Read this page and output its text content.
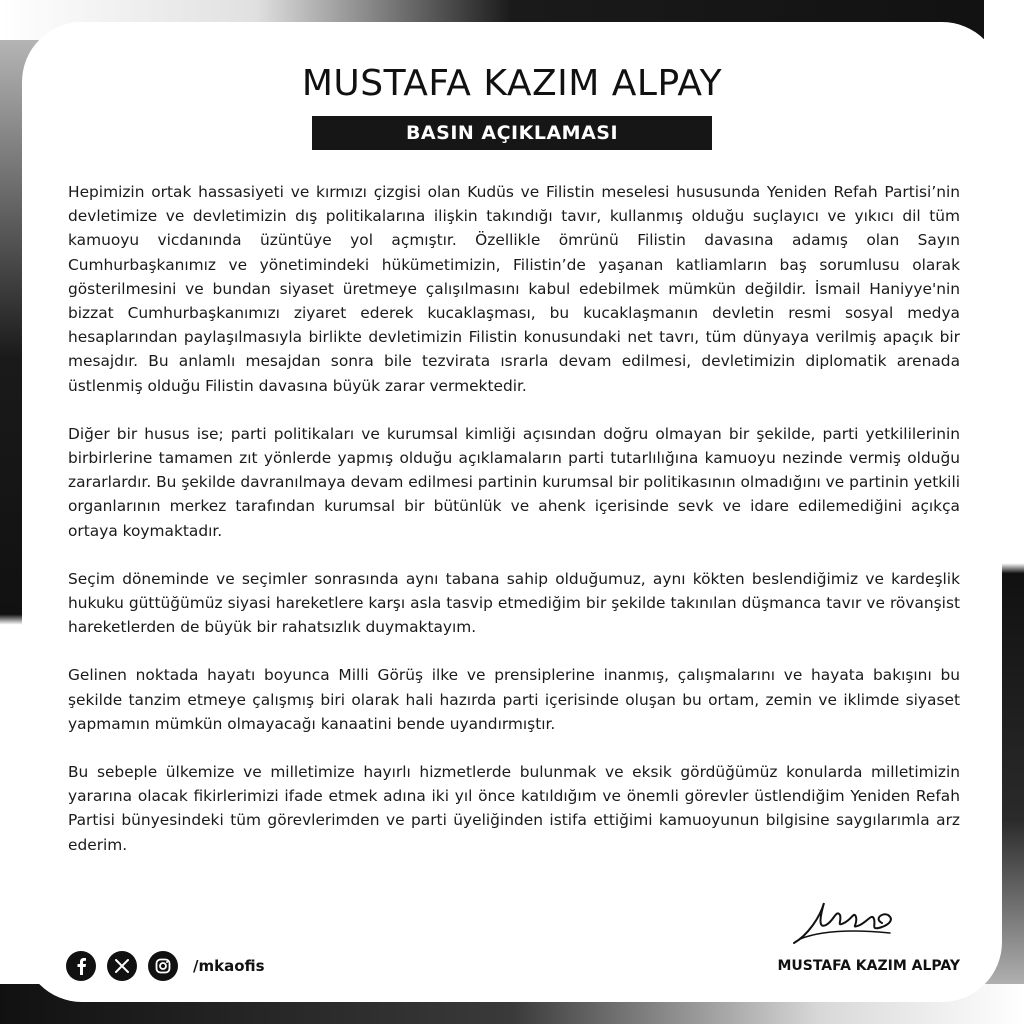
MUSTAFA KAZIM ALPAY
BASIN AÇIKLAMASI

Hepimizin ortak hassasiyeti ve kırmızı çizgisi olan Kudüs ve Filistin meselesi hususunda Yeniden Refah Partisi’nin devletimize ve devletimizin dış politikalarına ilişkin takındığı tavır, kullanmış olduğu suçlayıcı ve yıkıcı dil tüm kamuoyu vicdanında üzüntüye yol açmıştır. Özellikle ömrünü Filistin davasına adamış olan Sayın Cumhurbaşkanımız ve yönetimindeki hükümetimizin, Filistin’de yaşanan katliamların baş sorumlusu olarak gösterilmesini ve bundan siyaset üretmeye çalışılmasını kabul edebilmek mümkün değildir. İsmail Haniyye'nin bizzat Cumhurbaşkanımızı ziyaret ederek kucaklaşması, bu kucaklaşmanın devletin resmi sosyal medya hesaplarından paylaşılmasıyla birlikte devletimizin Filistin konusundaki net tavrı, tüm dünyaya verilmiş apaçık bir mesajdır. Bu anlamlı mesajdan sonra bile tezvirata ısrarla devam edilmesi, devletimizin diplomatik arenada üstlenmiş olduğu Filistin davasına büyük zarar vermektedir.

Diğer bir husus ise; parti politikaları ve kurumsal kimliği açısından doğru olmayan bir şekilde, parti yetkililerinin birbirlerine tamamen zıt yönlerde yapmış olduğu açıklamaların parti tutarlılığına kamuoyu nezinde vermiş olduğu zararlardır. Bu şekilde davranılmaya devam edilmesi partinin kurumsal bir politikasının olmadığını ve partinin yetkili organlarının merkez tarafından kurumsal bir bütünlük ve ahenk içerisinde sevk ve idare edilemediğini açıkça ortaya koymaktadır.

Seçim döneminde ve seçimler sonrasında aynı tabana sahip olduğumuz, aynı kökten beslendiğimiz ve kardeşlik hukuku güttüğümüz siyasi hareketlere karşı asla tasvip etmediğim bir şekilde takınılan düşmanca tavır ve rövanşist hareketlerden de büyük bir rahatsızlık duymaktayım.

Gelinen noktada hayatı boyunca Milli Görüş ilke ve prensiplerine inanmış, çalışmalarını ve hayata bakışını bu şekilde tanzim etmeye çalışmış biri olarak hali hazırda parti içerisinde oluşan bu ortam, zemin ve iklimde siyaset yapmamın mümkün olmayacağı kanaatini bende uyandırmıştır.

Bu sebeple ülkemize ve milletimize hayırlı hizmetlerde bulunmak ve eksik gördüğümüz konularda milletimizin yararına olacak fikirlerimizi ifade etmek adına iki yıl önce katıldığım ve önemli görevler üstlendiğim Yeniden Refah Partisi bünyesindeki tüm görevlerimden ve parti üyeliğinden istifa ettiğimi kamuoyunun bilgisine saygılarımla arz ederim.

MUSTAFA KAZIM ALPAY
/mkaofis
